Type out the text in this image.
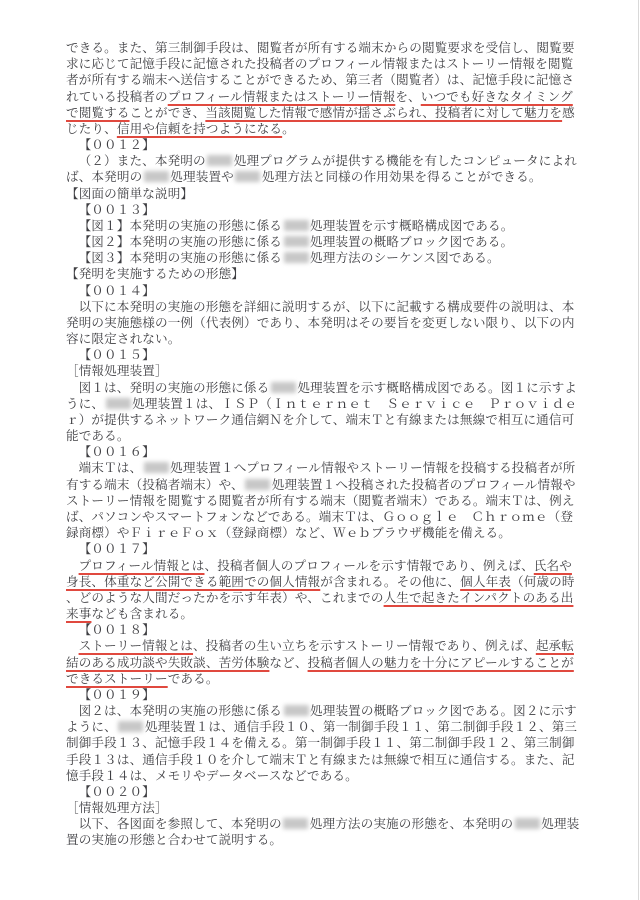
できる。また、第三制御手段は、閲覧者が所有する端末からの閲覧要求を受信し、閲覧要
求に応じて記憶手段に記憶された投稿者のプロフィール情報またはストーリー情報を閲覧
者が所有する端末へ送信することができるため、第三者（閲覧者）は、記憶手段に記憶さ
れている投稿者のプロフィール情報またはストーリー情報を、いつでも好きなタイミング
で閲覧することができ、当該閲覧した情報で感情が揺さぶられ、投稿者に対して魅力を感
じたり、信用や信頼を持つようになる。
【００１２】
（２）また、本発明の 処理プログラムが提供する機能を有したコンピュータによれ
ば、本発明の 処理装置や 処理方法と同様の作用効果を得ることができる。
【図面の簡単な説明】
【００１３】
【図１】本発明の実施の形態に係る 処理装置を示す概略構成図である。
【図２】本発明の実施の形態に係る 処理装置の概略ブロック図である。
【図３】本発明の実施の形態に係る 処理方法のシーケンス図である。
【発明を実施するための形態】
【００１４】
以下に本発明の実施の形態を詳細に説明するが、以下に記載する構成要件の説明は、本
発明の実施態様の一例（代表例）であり、本発明はその要旨を変更しない限り、以下の内
容に限定されない。
【００１５】
［情報処理装置］
図１は、発明の実施の形態に係る 処理装置を示す概略構成図である。図１に示すよ
うに、 処理装置１は、ＩＳＰ（Ｉｎｔｅｒｎｅｔ　Ｓｅｒｖｉｃｅ　Ｐｒｏｖｉｄｅ
ｒ）が提供するネットワーク通信網Ｎを介して、端末Ｔと有線または無線で相互に通信可
能である。
【００１６】
端末Ｔは、 処理装置１へプロフィール情報やストーリー情報を投稿する投稿者が所
有する端末（投稿者端末）や、 処理装置１へ投稿された投稿者のプロフィール情報や
ストーリー情報を閲覧する閲覧者が所有する端末（閲覧者端末）である。端末Ｔは、例え
ば、パソコンやスマートフォンなどである。端末Ｔは、Ｇｏｏｇｌｅ　Ｃｈｒｏｍｅ（登
録商標）やＦｉｒｅＦｏｘ（登録商標）など、Ｗｅｂブラウザ機能を備える。
【００１７】
プロフィール情報とは、投稿者個人のプロフィールを示す情報であり、例えば、氏名や
身長、体重など公開できる範囲での個人情報が含まれる。その他に、個人年表（何歳の時
、どのような人間だったかを示す年表）や、これまでの人生で起きたインパクトのある出
来事なども含まれる。
【００１８】
ストーリー情報とは、投稿者の生い立ちを示すストーリー情報であり、例えば、起承転
結のある成功談や失敗談、苦労体験など、投稿者個人の魅力を十分にアピールすることが
できるストーリーである。
【００１９】
図２は、本発明の実施の形態に係る 処理装置の概略ブロック図である。図２に示す
ように、 処理装置１は、通信手段１０、第一制御手段１１、第二制御手段１２、第三
制御手段１３、記憶手段１４を備える。第一制御手段１１、第二制御手段１２、第三制御
手段１３は、通信手段１０を介して端末Ｔと有線または無線で相互に通信する。また、記
憶手段１４は、メモリやデータベースなどである。
【００２０】
［情報処理方法］
以下、各図面を参照して、本発明の 処理方法の実施の形態を、本発明の 処理装
置の実施の形態と合わせて説明する。
